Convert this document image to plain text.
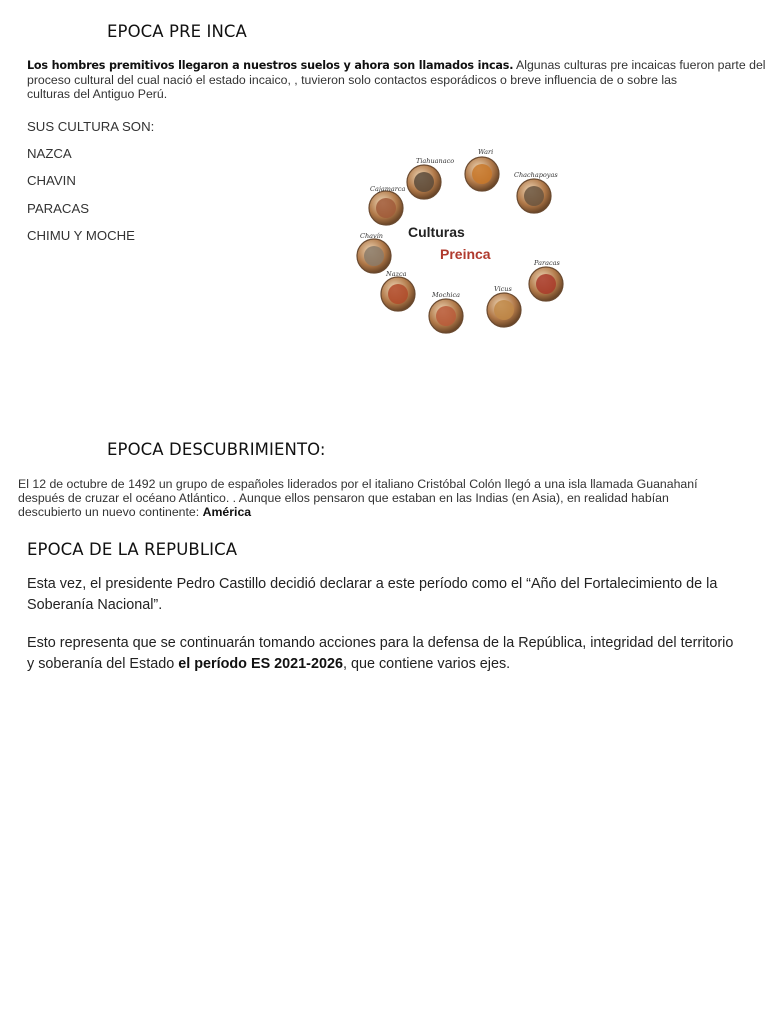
EPOCA PRE INCA
Los hombres premitivos llegaron a nuestros suelos y ahora son llamados incas. Algunas culturas pre incaicas fueron parte del
proceso cultural del cual nació el estado incaico, , tuvieron solo contactos esporádicos o breve influencia de o sobre las
culturas del Antiguo Perú.
SUS CULTURA SON:
NAZCA
CHAVIN
PARACAS
CHIMU Y MOCHE
Tiahuanaco
Wari
Chachapoyas
Cajamarca
Chavín
Nazca
Mochica
Vicus
Paracas
Culturas
Preinca
EPOCA DESCUBRIMIENTO:
El 12 de octubre de 1492 un grupo de españoles liderados por el italiano Cristóbal Colón llegó a una isla llamada Guanahaní
después de cruzar el océano Atlántico. . Aunque ellos pensaron que estaban en las Indias (en Asia), en realidad habían
descubierto un nuevo continente: América
EPOCA DE LA REPUBLICA
Esta vez, el presidente Pedro Castillo decidió declarar a este período como el “Año del Fortalecimiento de la
Soberanía Nacional”.
Esto representa que se continuarán tomando acciones para la defensa de la República, integridad del territorio
y soberanía del Estado el período ES 2021-2026, que contiene varios ejes.
